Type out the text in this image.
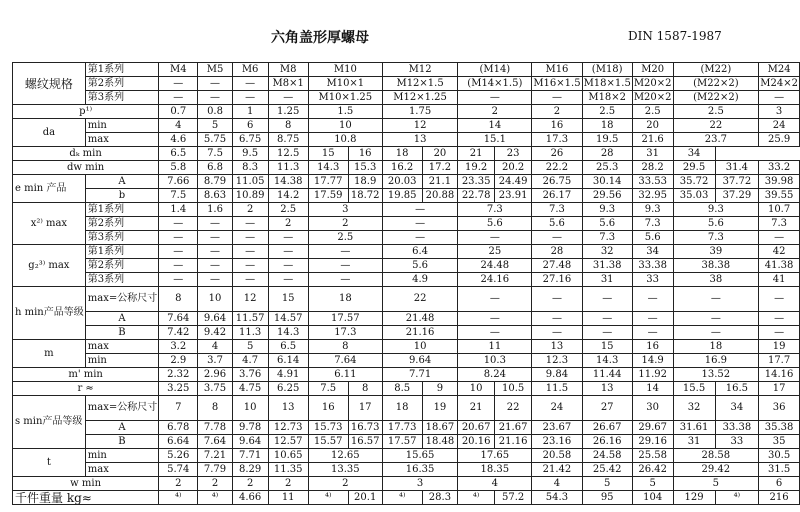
六角盖形厚螺母	DIN 1587-1987
螺纹规格	第1系列	M4	M5	M6	M8	M10		M12		(M14)		M16	(M18)	M20	(M22)		M24
	第2系列	—	—	—	M8×1	M10×1		M12×1.5		(M14×1.5)		M16×1.5	M18×1.5	M20×2	(M22×2)		M24×2
	第3系列	—	—	—	—	M10×1.25		M12×1.25		—		—	M18×2	M20×2	(M22×2)		—
p¹⁾		0.7	0.8	1	1.25	1.5		1.75		2		2	2.5	2.5	2.5		3
da	min	4	5	6	8	10		12		14		16	18	20	22		24
	max	4.6	5.75	6.75	8.75	10.8		13		15.1		17.3	19.5	21.6	23.7		25.9
dₖ min		6.5	7.5	9.5	12.5	15	16	18	20	21	23	26	28	31	34		
dw min		5.8	6.8	8.3	11.3	14.3	15.3	16.2	17.2	19.2	20.2	22.2	25.3	28.2	29.5	31.4	33.2
e min 产品	A	7.66	8.79	11.05	14.38	17.77	18.9	20.03	21.1	23.35	24.49	26.75	30.14	33.53	35.72	37.72	39.98
	b	7.5	8.63	10.89	14.2	17.59	18.72	19.85	20.88	22.78	23.91	26.17	29.56	32.95	35.03	37.29	39.55
x²⁾ max	第1系列	1.4	1.6	2	2.5	3		—		7.3		7.3	9.3	9.3	9.3		10.7
	第2系列	—	—	—	2	2		—		5.6		5.6	5.6	7.3	5.6		7.3
	第3系列	—	—	—	—	2.5		—		—		—	7.3	5.6	7.3		—
g₂³⁾ max	第1系列	—	—	—	—	—		6.4		25		28	32	34	39		42
	第2系列	—	—	—	—	—		5.6		24.48		27.48	31.38	33.38	38.38		41.38
	第3系列	—	—	—	—	—		4.9		24.16		27.16	31	33	38		41
h min产品等级	max=公称尺寸	8	10	12	15	18		22		—		—	—	—	—		—
	A	7.64	9.64	11.57	14.57	17.57		21.48		—		—	—	—	—		—
	B	7.42	9.42	11.3	14.3	17.3		21.16		—		—	—	—	—		—
m	max	3.2	4	5	6.5	8		10		11		13	15	16	18		19
	min	2.9	3.7	4.7	6.14	7.64		9.64		10.3		12.3	14.3	14.9	16.9		17.7
m' min		2.32	2.96	3.76	4.91	6.11		7.71		8.24		9.84	11.44	11.92	13.52		14.16
r ≈		3.25	3.75	4.75	6.25	7.5	8	8.5	9	10	10.5	11.5	13	14	15.5	16.5	17
s min产品等级	max=公称尺寸	7	8	10	13	16	17	18	19	21	22	24	27	30	32	34	36
	A	6.78	7.78	9.78	12.73	15.73	16.73	17.73	18.67	20.67	21.67	23.67	26.67	29.67	31.61	33.38	35.38
	B	6.64	7.64	9.64	12.57	15.57	16.57	17.57	18.48	20.16	21.16	23.16	26.16	29.16	31	33	35
t	min	5.26	7.21	7.71	10.65	12.65		15.65		17.65		20.58	24.58	25.58	28.58		30.5
	max	5.74	7.79	8.29	11.35	13.35		16.35		18.35		21.42	25.42	26.42	29.42		31.5
w min		2	2	2	2	2		3		4		4	5	5	5		6
千件重量 kg≈		⁴⁾	⁴⁾	4.66	11	⁴⁾	20.1	⁴⁾	28.3	⁴⁾	57.2	54.3	95	104	129	⁴⁾	216
